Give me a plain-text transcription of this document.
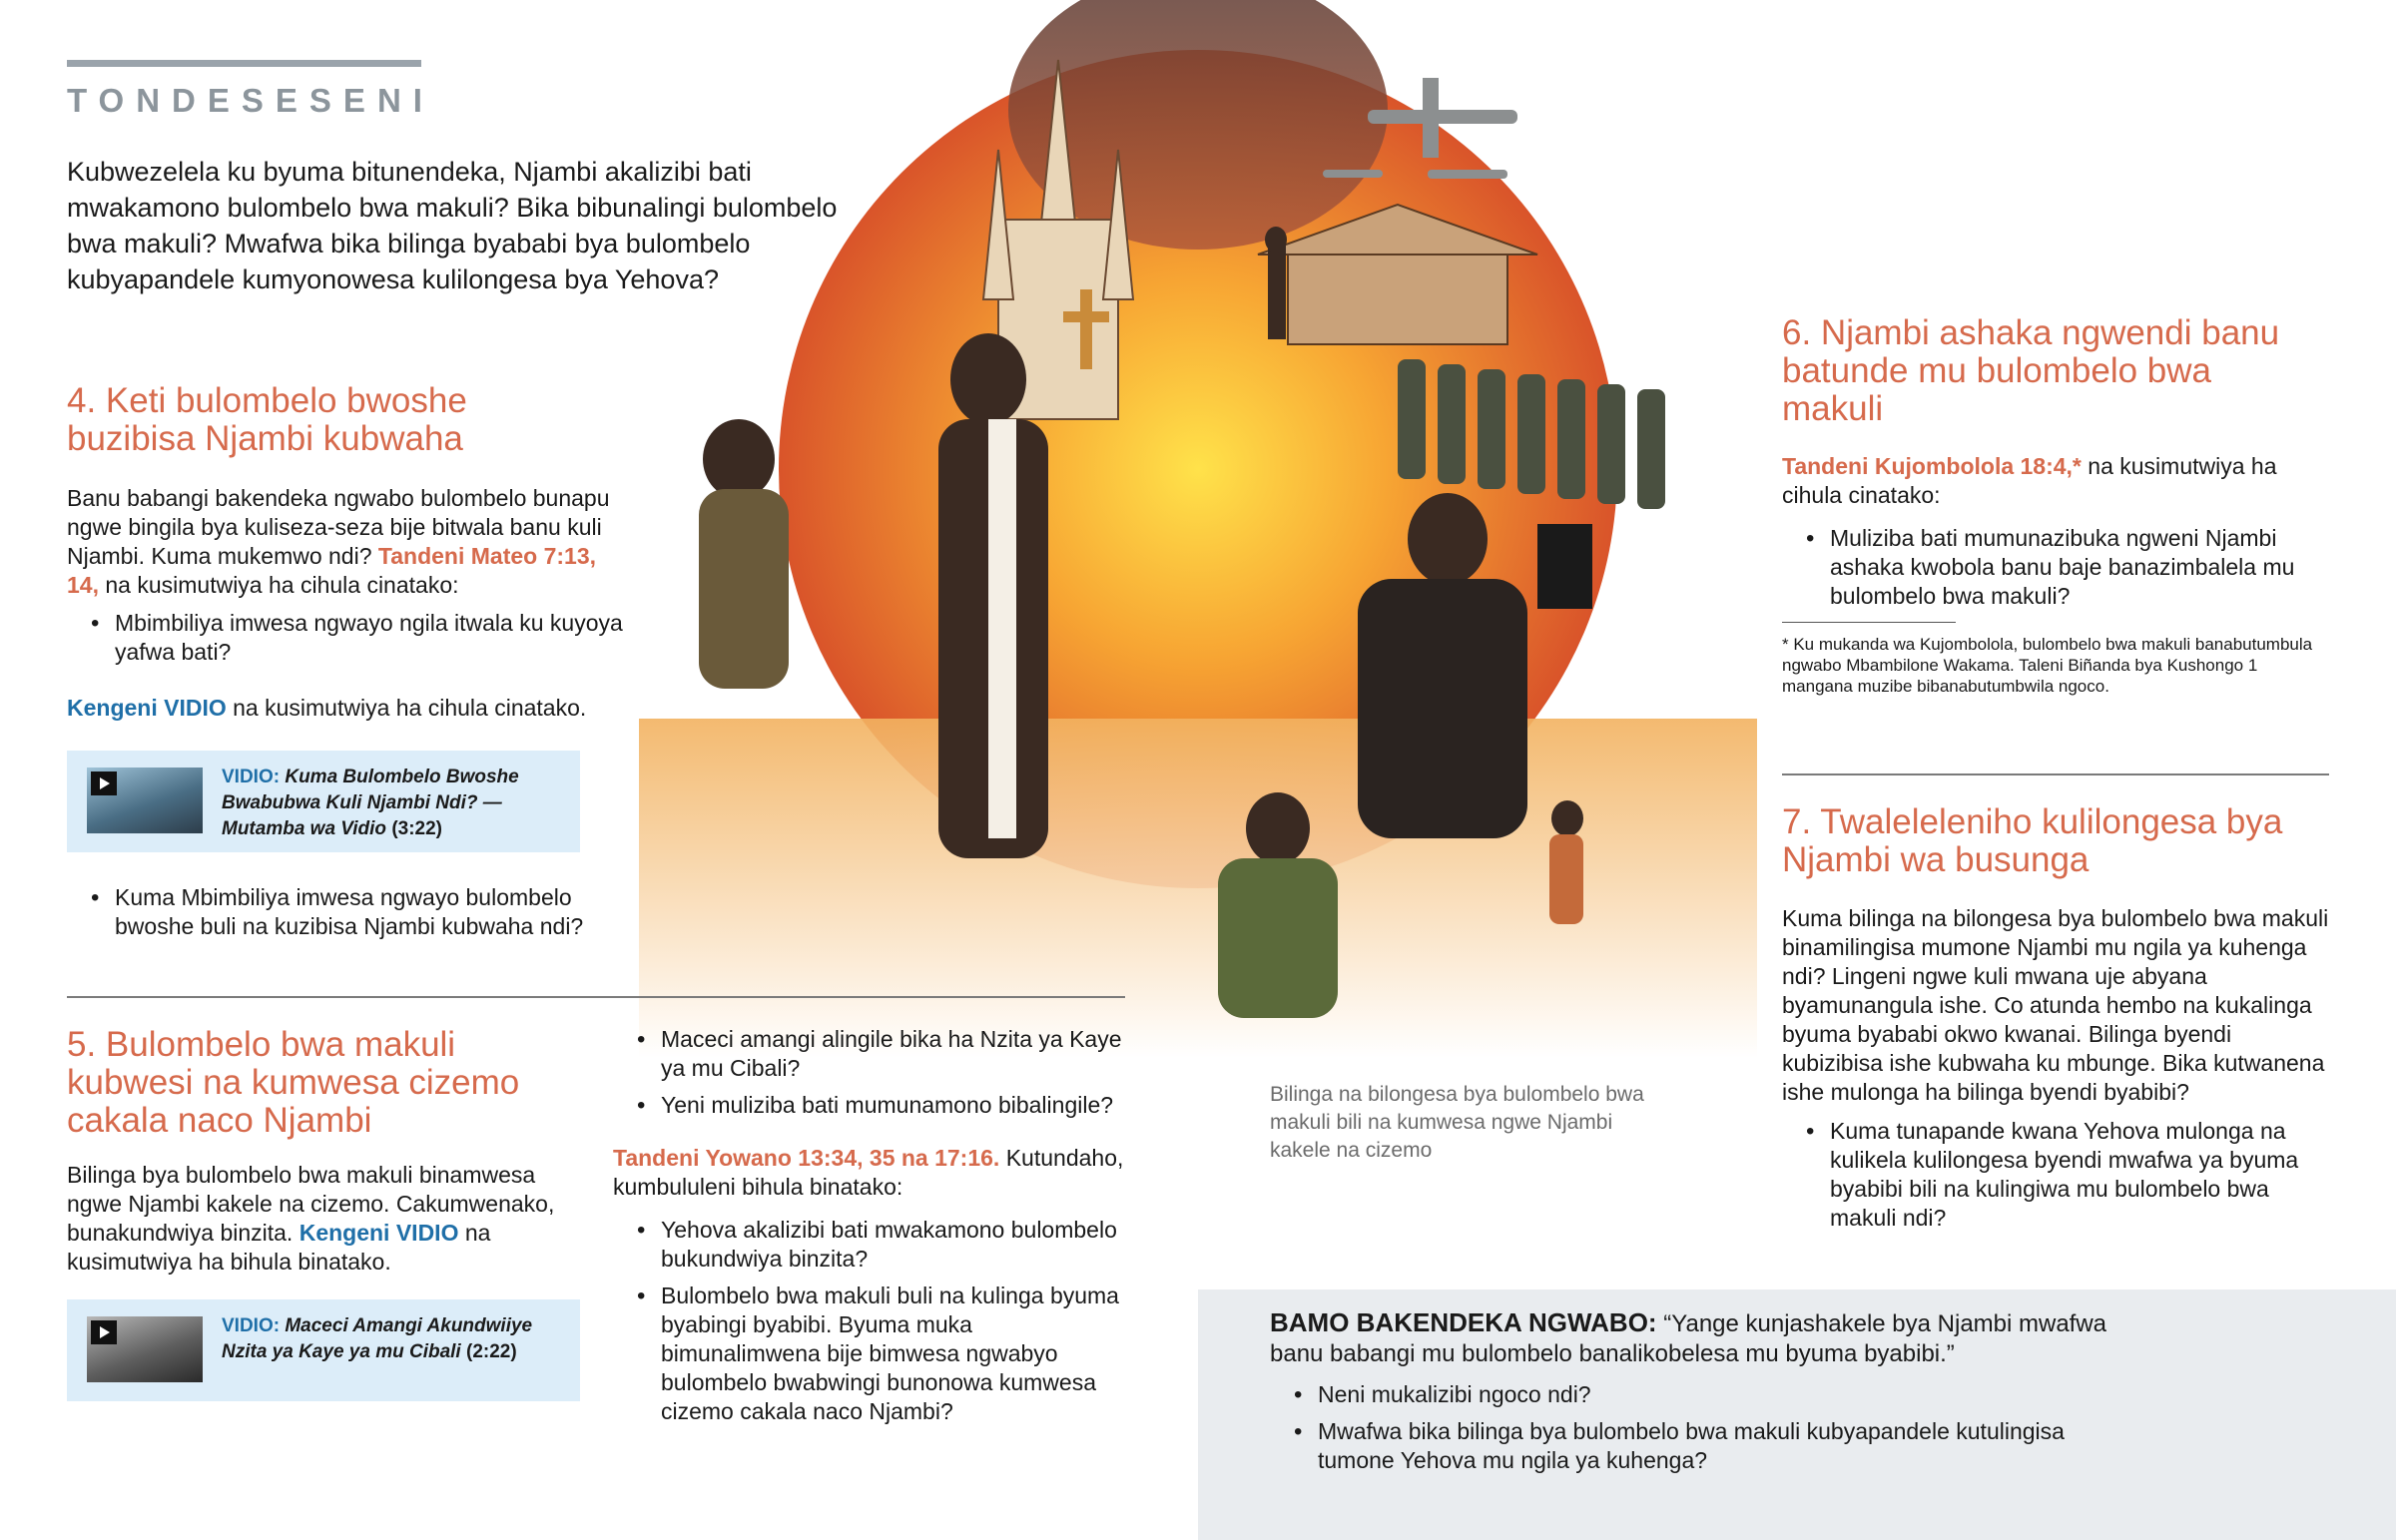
TONDESESENI

Kubwezelela ku byuma bitunendeka, Njambi akalizibi bati mwakamono bulombelo bwa makuli? Bika bibunalingi bulombelo bwa makuli? Mwafwa bika bilinga byababi bya bulombelo kubyapandele kumyonowesa kulilongesa bya Yehova?

4. Keti bulombelo bwoshe buzibisa Njambi kubwaha

Banu babangi bakendeka ngwabo bulombelo bunapu ngwe bingila bya kuliseza-seza bije bitwala banu kuli Njambi. Kuma mukemwo ndi? Tandeni Mateo 7:13, 14, na kusimutwiya ha cihula cinatako:

• Mbimbiliya imwesa ngwayo ngila itwala ku kuyoya yafwa bati?

Kengeni VIDIO na kusimutwiya ha cihula cinatako.

VIDIO: Kuma Bulombelo Bwoshe Bwabubwa Kuli Njambi Ndi? —Mutamba wa Vidio (3:22)
• Kuma Mbimbiliya imwesa ngwayo bulombelo bwoshe buli na kuzibisa Njambi kubwaha ndi?
5. Bulombelo bwa makuli kubwesi na kumwesa cizemo cakala naco Njambi

Bilinga bya bulombelo bwa makuli binamwesa ngwe Njambi kakele na cizemo. Cakumwenako, bunakundwiya binzita. Kengeni VIDIO na kusimutwiya ha bihula binatako.

VIDIO: Maceci Amangi Akundwiiye Nzita ya Kaye ya mu Cibali (2:22)
• Maceci amangi alingile bika ha Nzita ya Kaye ya mu Cibali?
• Yeni muliziba bati mumunamono bibalingile?

Tandeni Yowano 13:34, 35 na 17:16. Kutundaho, kumbululeni bihula binatako:

• Yehova akalizibi bati mwakamono bulombelo bukundwiya binzita?
• Bulombelo bwa makuli buli na kulinga byuma byabingi byabibi. Byuma muka bimunalimwena bije bimwesa ngwabyo bulombelo bwabwingi bunonowa kumwesa cizemo cakala naco Njambi?

Bilinga na bilongesa bya bulombelo bwa makuli bili na kumwesa ngwe Njambi kakele na cizemo

6. Njambi ashaka ngwendi banu batunde mu bulombelo bwa makuli

Tandeni Kujombolola 18:4,* na kusimutwiya ha cihula cinatako:

• Muliziba bati mumunazibuka ngweni Njambi ashaka kwobola banu baje banazimbalela mu bulombelo bwa makuli?

* Ku mukanda wa Kujombolola, bulombelo bwa makuli banabutumbula ngwabo Mbambilone Wakama. Taleni Biñanda bya Kushongo 1 mangana muzibe bibanabutumbwila ngoco.

7. Twaleleleniho kulilongesa bya Njambi wa busunga

Kuma bilinga na bilongesa bya bulombelo bwa makuli binamilingisa mumone Njambi mu ngila ya kuhenga ndi? Lingeni ngwe kuli mwana uje abyana byamunangula ishe. Co atunda hembo na kukalinga byuma byababi okwo kwanai. Bilinga byendi kubizibisa ishe kubwaha ku mbunge. Bika kutwanena ishe mulonga ha bilinga byendi byabibi?

• Kuma tunapande kwana Yehova mulonga na kulikela kulilongesa byendi mwafwa ya byuma byabibi bili na kulingiwa mu bulombelo bwa makuli ndi?

BAMO BAKENDEKA NGWABO: “Yange kunjashakele bya Njambi mwafwa banu babangi mu bulombelo banalikobelesa mu byuma byabibi.”

• Neni mukalizibi ngoco ndi?
• Mwafwa bika bilinga bya bulombelo bwa makuli kubyapandele kutulingisa tumone Yehova mu ngila ya kuhenga?
